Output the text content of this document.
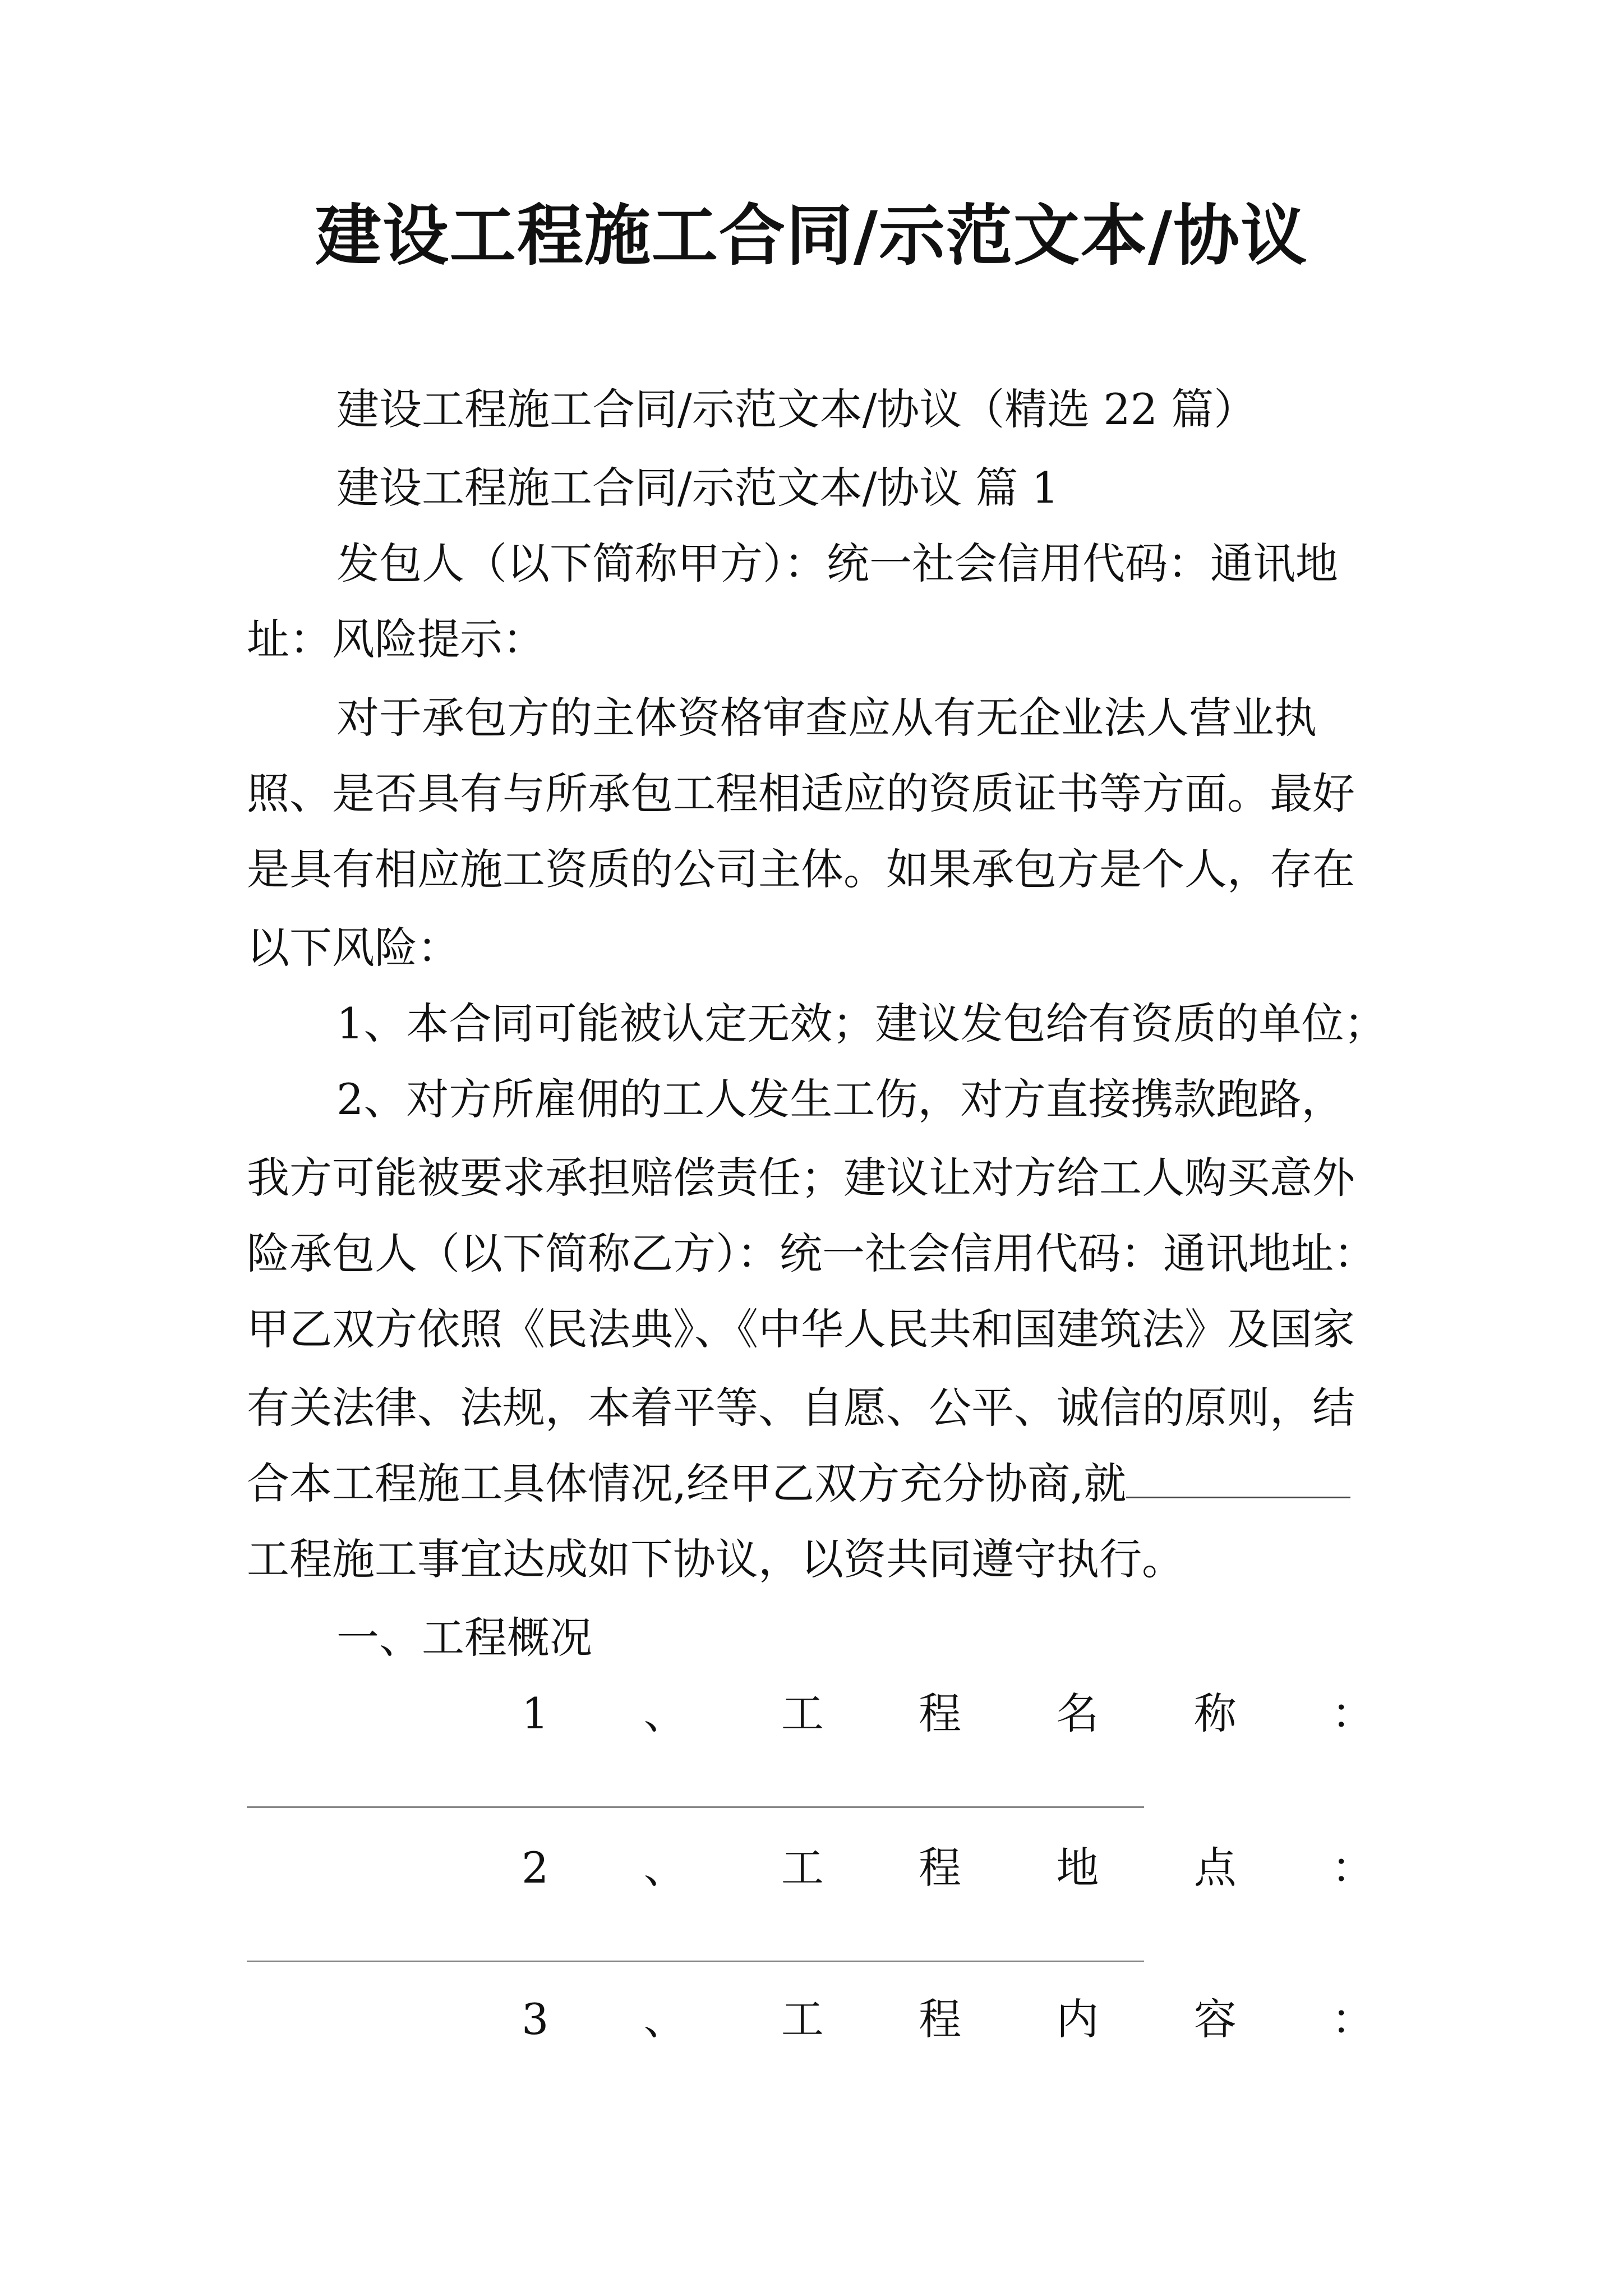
建设工程施工合同/示范文本/协议

建设工程施工合同/示范文本/协议（精选 22 篇）

建设工程施工合同/示范文本/协议 篇 1

发包人（以下简称甲方）：统一社会信用代码：通讯地

址：风险提示：

对于承包方的主体资格审查应从有无企业法人营业执

照、是否具有与所承包工程相适应的资质证书等方面。最好

是具有相应施工资质的公司主体。如果承包方是个人，存在

以下风险：

1、本合同可能被认定无效；建议发包给有资质的单位；

2、对方所雇佣的工人发生工伤，对方直接携款跑路，

我方可能被要求承担赔偿责任；建议让对方给工人购买意外

险承包人（以下简称乙方）：统一社会信用代码：通讯地址：

甲乙双方依照《民法典》、《中华人民共和国建筑法》及国家

有关法律、法规，本着平等、自愿、公平、诚信的原则，结

合本工程施工具体情况,经甲乙双方充分协商,就

工程施工事宜达成如下协议，以资共同遵守执行。

一、工程概况

1 、 工 程 名 称 ：
2 、 工 程 地 点 ：
3 、 工 程 内 容 ：
